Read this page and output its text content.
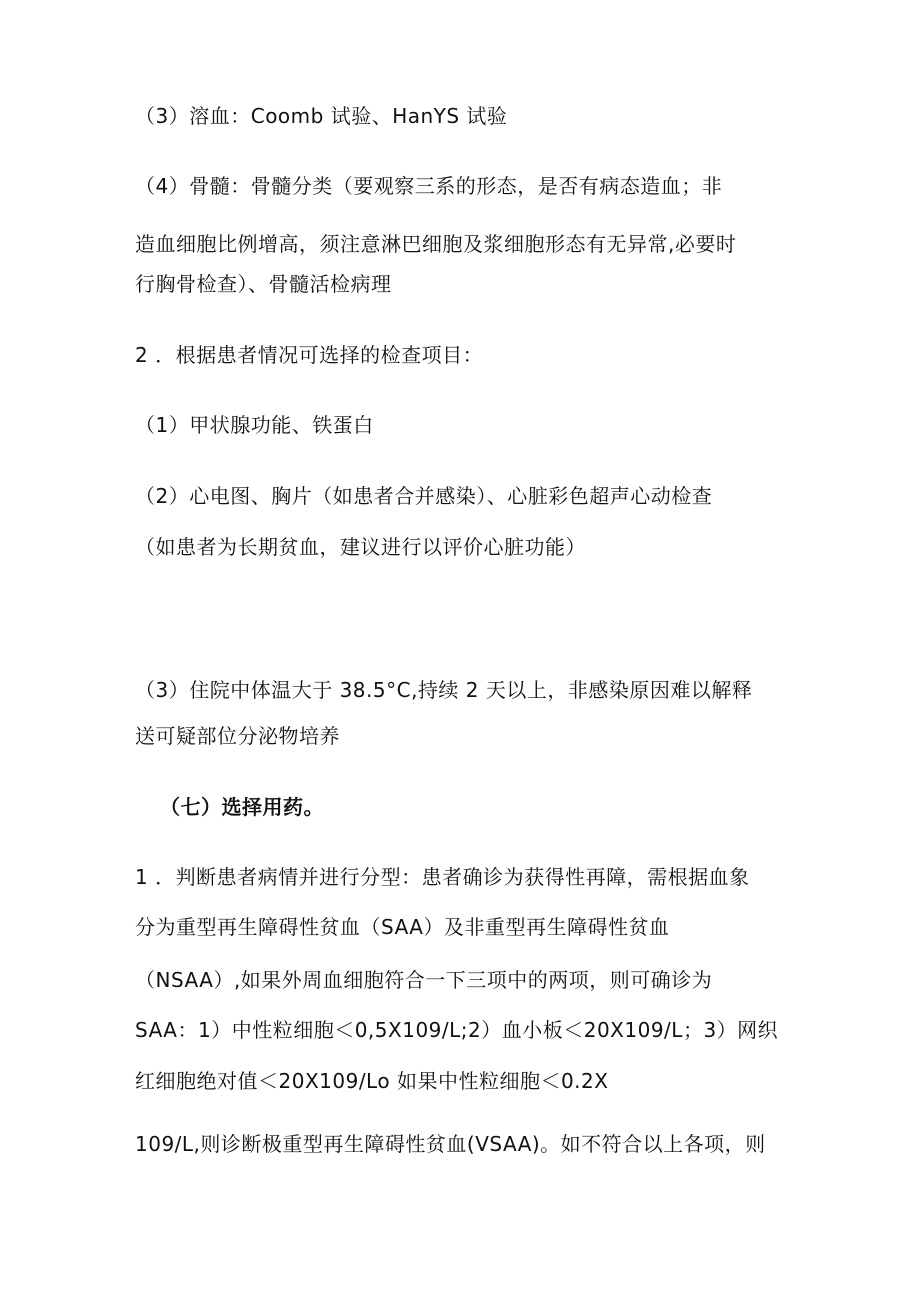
（3）溶血：Coomb 试验、HanYS 试验
（4）骨髓：骨髓分类（要观察三系的形态，是否有病态造血；非
造血细胞比例增高，须注意淋巴细胞及浆细胞形态有无异常,必要时
行胸骨检查）、骨髓活检病理
2 ．根据患者情况可选择的检查项目：
（1）甲状腺功能、铁蛋白
（2）心电图、胸片（如患者合并感染）、心脏彩色超声心动检查
（如患者为长期贫血，建议进行以评价心脏功能）
（3）住院中体温大于 38.5°C,持续 2 天以上，非感染原因难以解释
送可疑部位分泌物培养
（七）选择用药。
1 ．判断患者病情并进行分型：患者确诊为获得性再障，需根据血象
分为重型再生障碍性贫血（SAA）及非重型再生障碍性贫血
（NSAA）,如果外周血细胞符合一下三项中的两项，则可确诊为
SAA：1）中性粒细胞＜0,5X109/L;2）血小板＜20X109/L；3）网织
红细胞绝对值＜20X109/Lo 如果中性粒细胞＜0.2X
109/L,则诊断极重型再生障碍性贫血(VSAA)。如不符合以上各项，则
